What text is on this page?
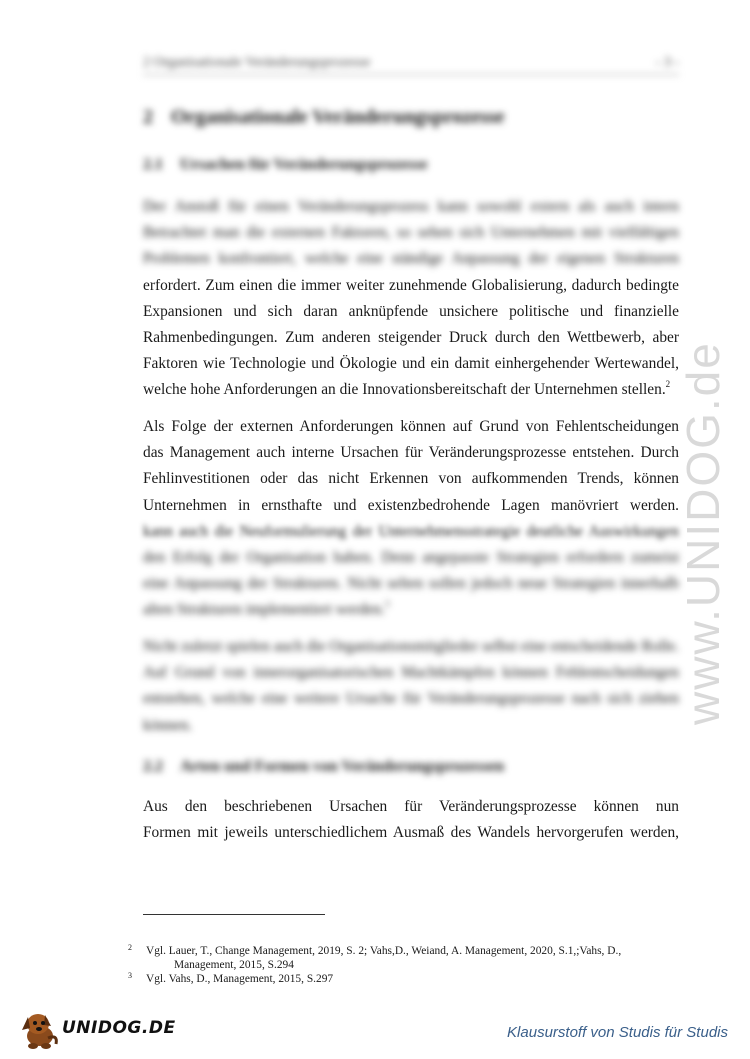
2 Organisationale Veränderungsprozesse	- 3 -
2 Organisationale Veränderungsprozesse
2.1 Ursachen für Veränderungsprozesse
Der Anstoß für einen Veränderungsprozess kann sowohl extern als auch intern
Betrachtet man die externen Faktoren, so sehen sich Unternehmen mit vielfältigen
Problemen konfrontiert, welche eine ständige Anpassung der eigenen Strukturen
erfordert. Zum einen die immer weiter zunehmende Globalisierung, dadurch bedingte
Expansionen und sich daran anknüpfende unsichere politische und finanzielle
Rahmenbedingungen. Zum anderen steigender Druck durch den Wettbewerb, aber
Faktoren wie Technologie und Ökologie und ein damit einhergehender Wertewandel,
welche hohe Anforderungen an die Innovationsbereitschaft der Unternehmen stellen.$^2$
Als Folge der externen Anforderungen können auf Grund von Fehlentscheidungen
das Management auch interne Ursachen für Veränderungsprozesse entstehen. Durch
Fehlinvestitionen oder das nicht Erkennen von aufkommenden Trends, können
Unternehmen in ernsthafte und existenzbedrohende Lagen manövriert werden.
kann auch die Neuformulierung der Unternehmensstrategie deutliche Auswirkungen
den Erfolg der Organisation haben. Denn angepasste Strategien erfordern zumeist
eine Anpassung der Strukturen. Nicht selten sollen jedoch neue Strategien innerhalb
alten Strukturen implementiert werden.$^3$
Nicht zuletzt spielen auch die Organisationsmitglieder selbst eine entscheidende Rolle.
Auf Grund von innerorganisatorischen Machtkämpfen können Fehlentscheidungen
entstehen, welche eine weitere Ursache für Veränderungsprozesse nach sich ziehen
können.
2.2 Arten und Formen von Veränderungsprozessen
Aus den beschriebenen Ursachen für Veränderungsprozesse können nun
Formen mit jeweils unterschiedlichem Ausmaß des Wandels hervorgerufen werden,
2 Vgl. Lauer, T., Change Management, 2019, S. 2; Vahs,D., Weiand, A. Management, 2020, S.1,;Vahs, D.,
Management, 2015, S.294
3 Vgl. Vahs, D., Management, 2015, S.297
www.UNIDOG.de
UNIDOG.DE	Klausurstoff von Studis für Studis
